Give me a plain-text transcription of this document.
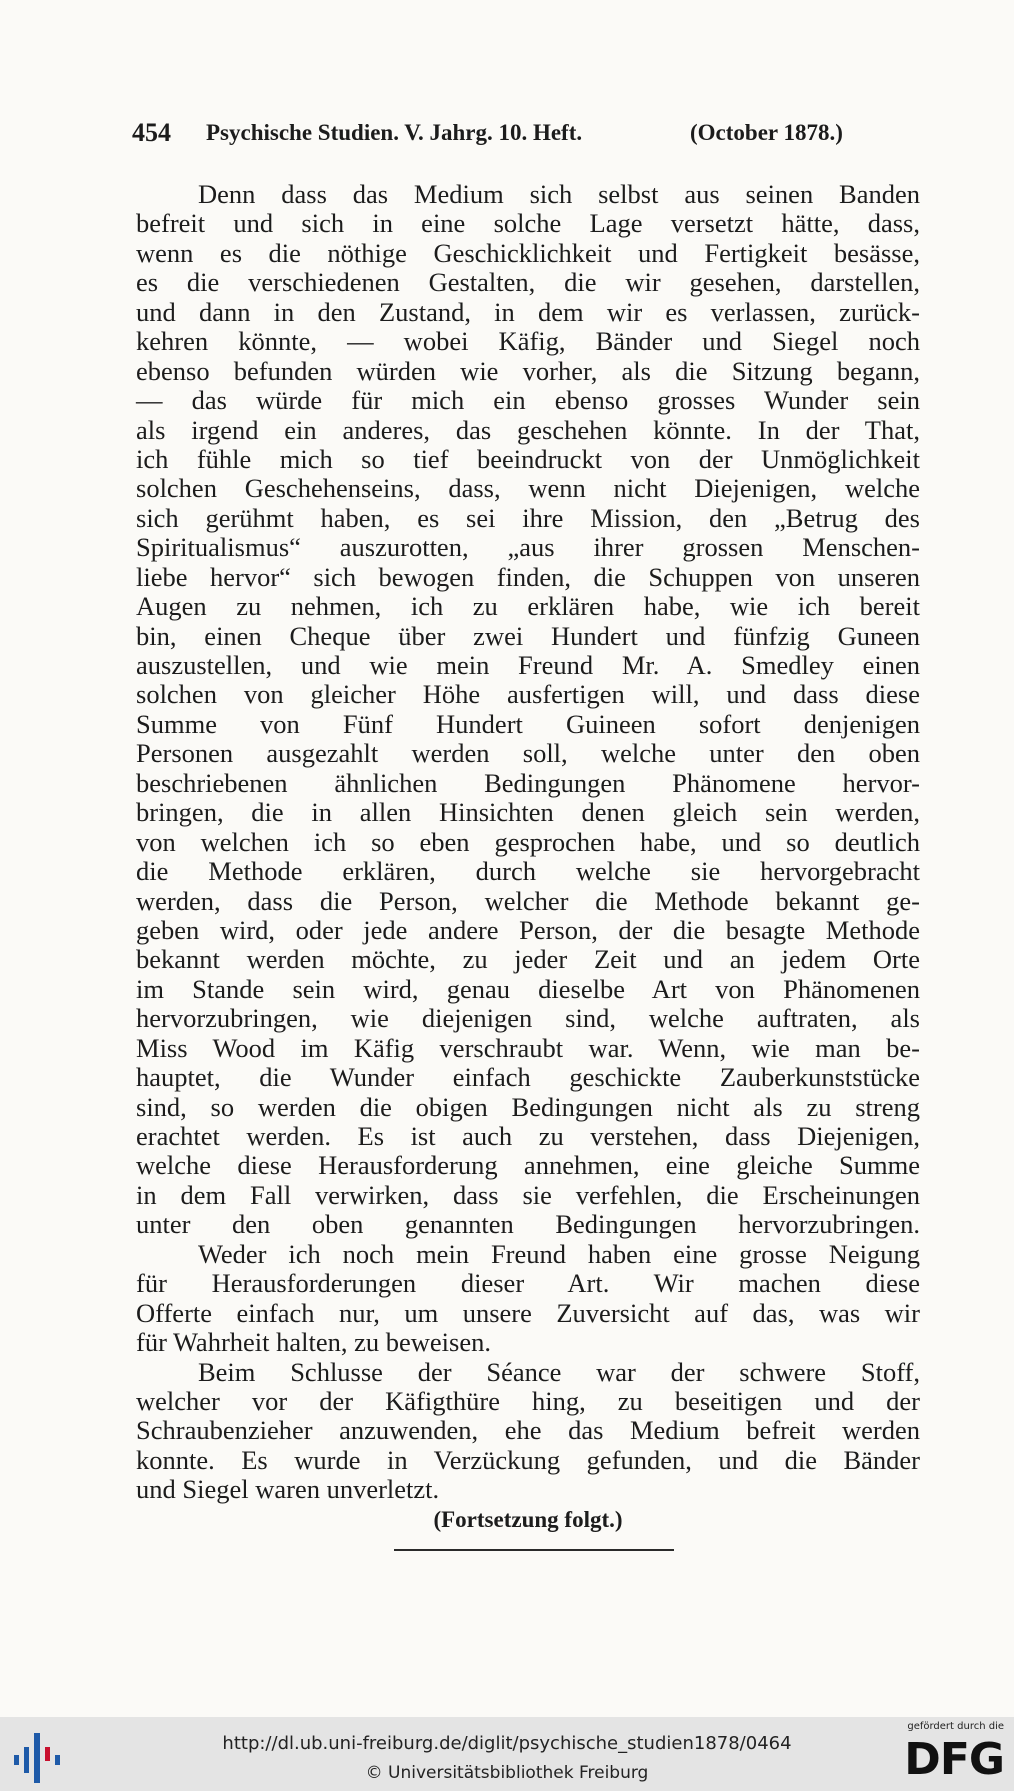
454 Psychische Studien. V. Jahrg. 10. Heft.	(October 1878.)
Denn dass das Medium sich selbst aus seinen Banden
befreit und sich in eine solche Lage versetzt hätte, dass,
wenn es die nöthige Geschicklichkeit und Fertigkeit besässe,
es die verschiedenen Gestalten, die wir gesehen, darstellen,
und dann in den Zustand, in dem wir es verlassen, zurück-
kehren könnte, — wobei Käfig, Bänder und Siegel noch
ebenso befunden würden wie vorher, als die Sitzung begann,
— das würde für mich ein ebenso grosses Wunder sein
als irgend ein anderes, das geschehen könnte. In der That,
ich fühle mich so tief beeindruckt von der Unmöglichkeit
solchen Geschehenseins, dass, wenn nicht Diejenigen, welche
sich gerühmt haben, es sei ihre Mission, den „Betrug des
Spiritualismus“ auszurotten, „aus ihrer grossen Menschen-
liebe hervor“ sich bewogen finden, die Schuppen von unseren
Augen zu nehmen, ich zu erklären habe, wie ich bereit
bin, einen Cheque über zwei Hundert und fünfzig Guneen
auszustellen, und wie mein Freund Mr. A. Smedley einen
solchen von gleicher Höhe ausfertigen will, und dass diese
Summe von Fünf Hundert Guineen sofort denjenigen
Personen ausgezahlt werden soll, welche unter den oben
beschriebenen ähnlichen Bedingungen Phänomene hervor-
bringen, die in allen Hinsichten denen gleich sein werden,
von welchen ich so eben gesprochen habe, und so deutlich
die Methode erklären, durch welche sie hervorgebracht
werden, dass die Person, welcher die Methode bekannt ge-
geben wird, oder jede andere Person, der die besagte Methode
bekannt werden möchte, zu jeder Zeit und an jedem Orte
im Stande sein wird, genau dieselbe Art von Phänomenen
hervorzubringen, wie diejenigen sind, welche auftraten, als
Miss Wood im Käfig verschraubt war. Wenn, wie man be-
hauptet, die Wunder einfach geschickte Zauberkunststücke
sind, so werden die obigen Bedingungen nicht als zu streng
erachtet werden. Es ist auch zu verstehen, dass Diejenigen,
welche diese Herausforderung annehmen, eine gleiche Summe
in dem Fall verwirken, dass sie verfehlen, die Erscheinungen
unter den oben genannten Bedingungen hervorzubringen.
Weder ich noch mein Freund haben eine grosse Neigung
für Herausforderungen dieser Art. Wir machen diese
Offerte einfach nur, um unsere Zuversicht auf das, was wir
für Wahrheit halten, zu beweisen.
Beim Schlusse der Séance war der schwere Stoff,
welcher vor der Käfigthüre hing, zu beseitigen und der
Schraubenzieher anzuwenden, ehe das Medium befreit werden
konnte. Es wurde in Verzückung gefunden, und die Bänder
und Siegel waren unverletzt.
(Fortsetzung folgt.)
http://dl.ub.uni-freiburg.de/diglit/psychische_studien1878/0464
© Universitätsbibliothek Freiburg
gefördert durch die
DFG
